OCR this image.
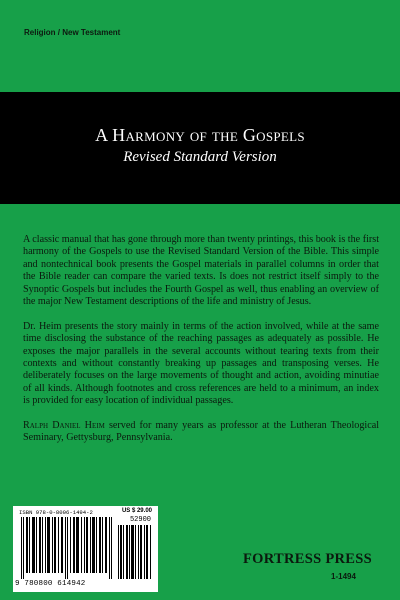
Religion / New Testament
A Harmony of the Gospels
Revised Standard Version

A classic manual that has gone through more than twenty printings, this book is the first harmony of the Gospels to use the Revised Standard Version of the Bible. This simple and nontechnical book presents the Gospel materials in parallel columns in order that the Bible reader can compare the varied texts. Is does not restrict itself simply to the Synoptic Gospels but includes the Fourth Gospel as well, thus enabling an overview of the major New Testament descriptions of the life and ministry of Jesus.

Dr. Heim presents the story mainly in terms of the action involved, while at the same time disclosing the substance of the reaching passages as adequately as possible. He exposes the major parallels in the several accounts without tearing texts from their contexts and without constantly breaking up passages and transposing verses. He deliberately focuses on the large movements of thought and action, avoiding minutiae of all kinds. Although footnotes and cross references are held to a minimum, an index is provided for easy location of individual passages.

Ralph Daniel Heim served for many years as professor at the Lutheran Theological Seminary, Gettysburg, Pennsylvania.

ISBN 978-0-8006-1494-2	US $ 29.00
52900
9 780800 614942
FORTRESS PRESS
1-1494
